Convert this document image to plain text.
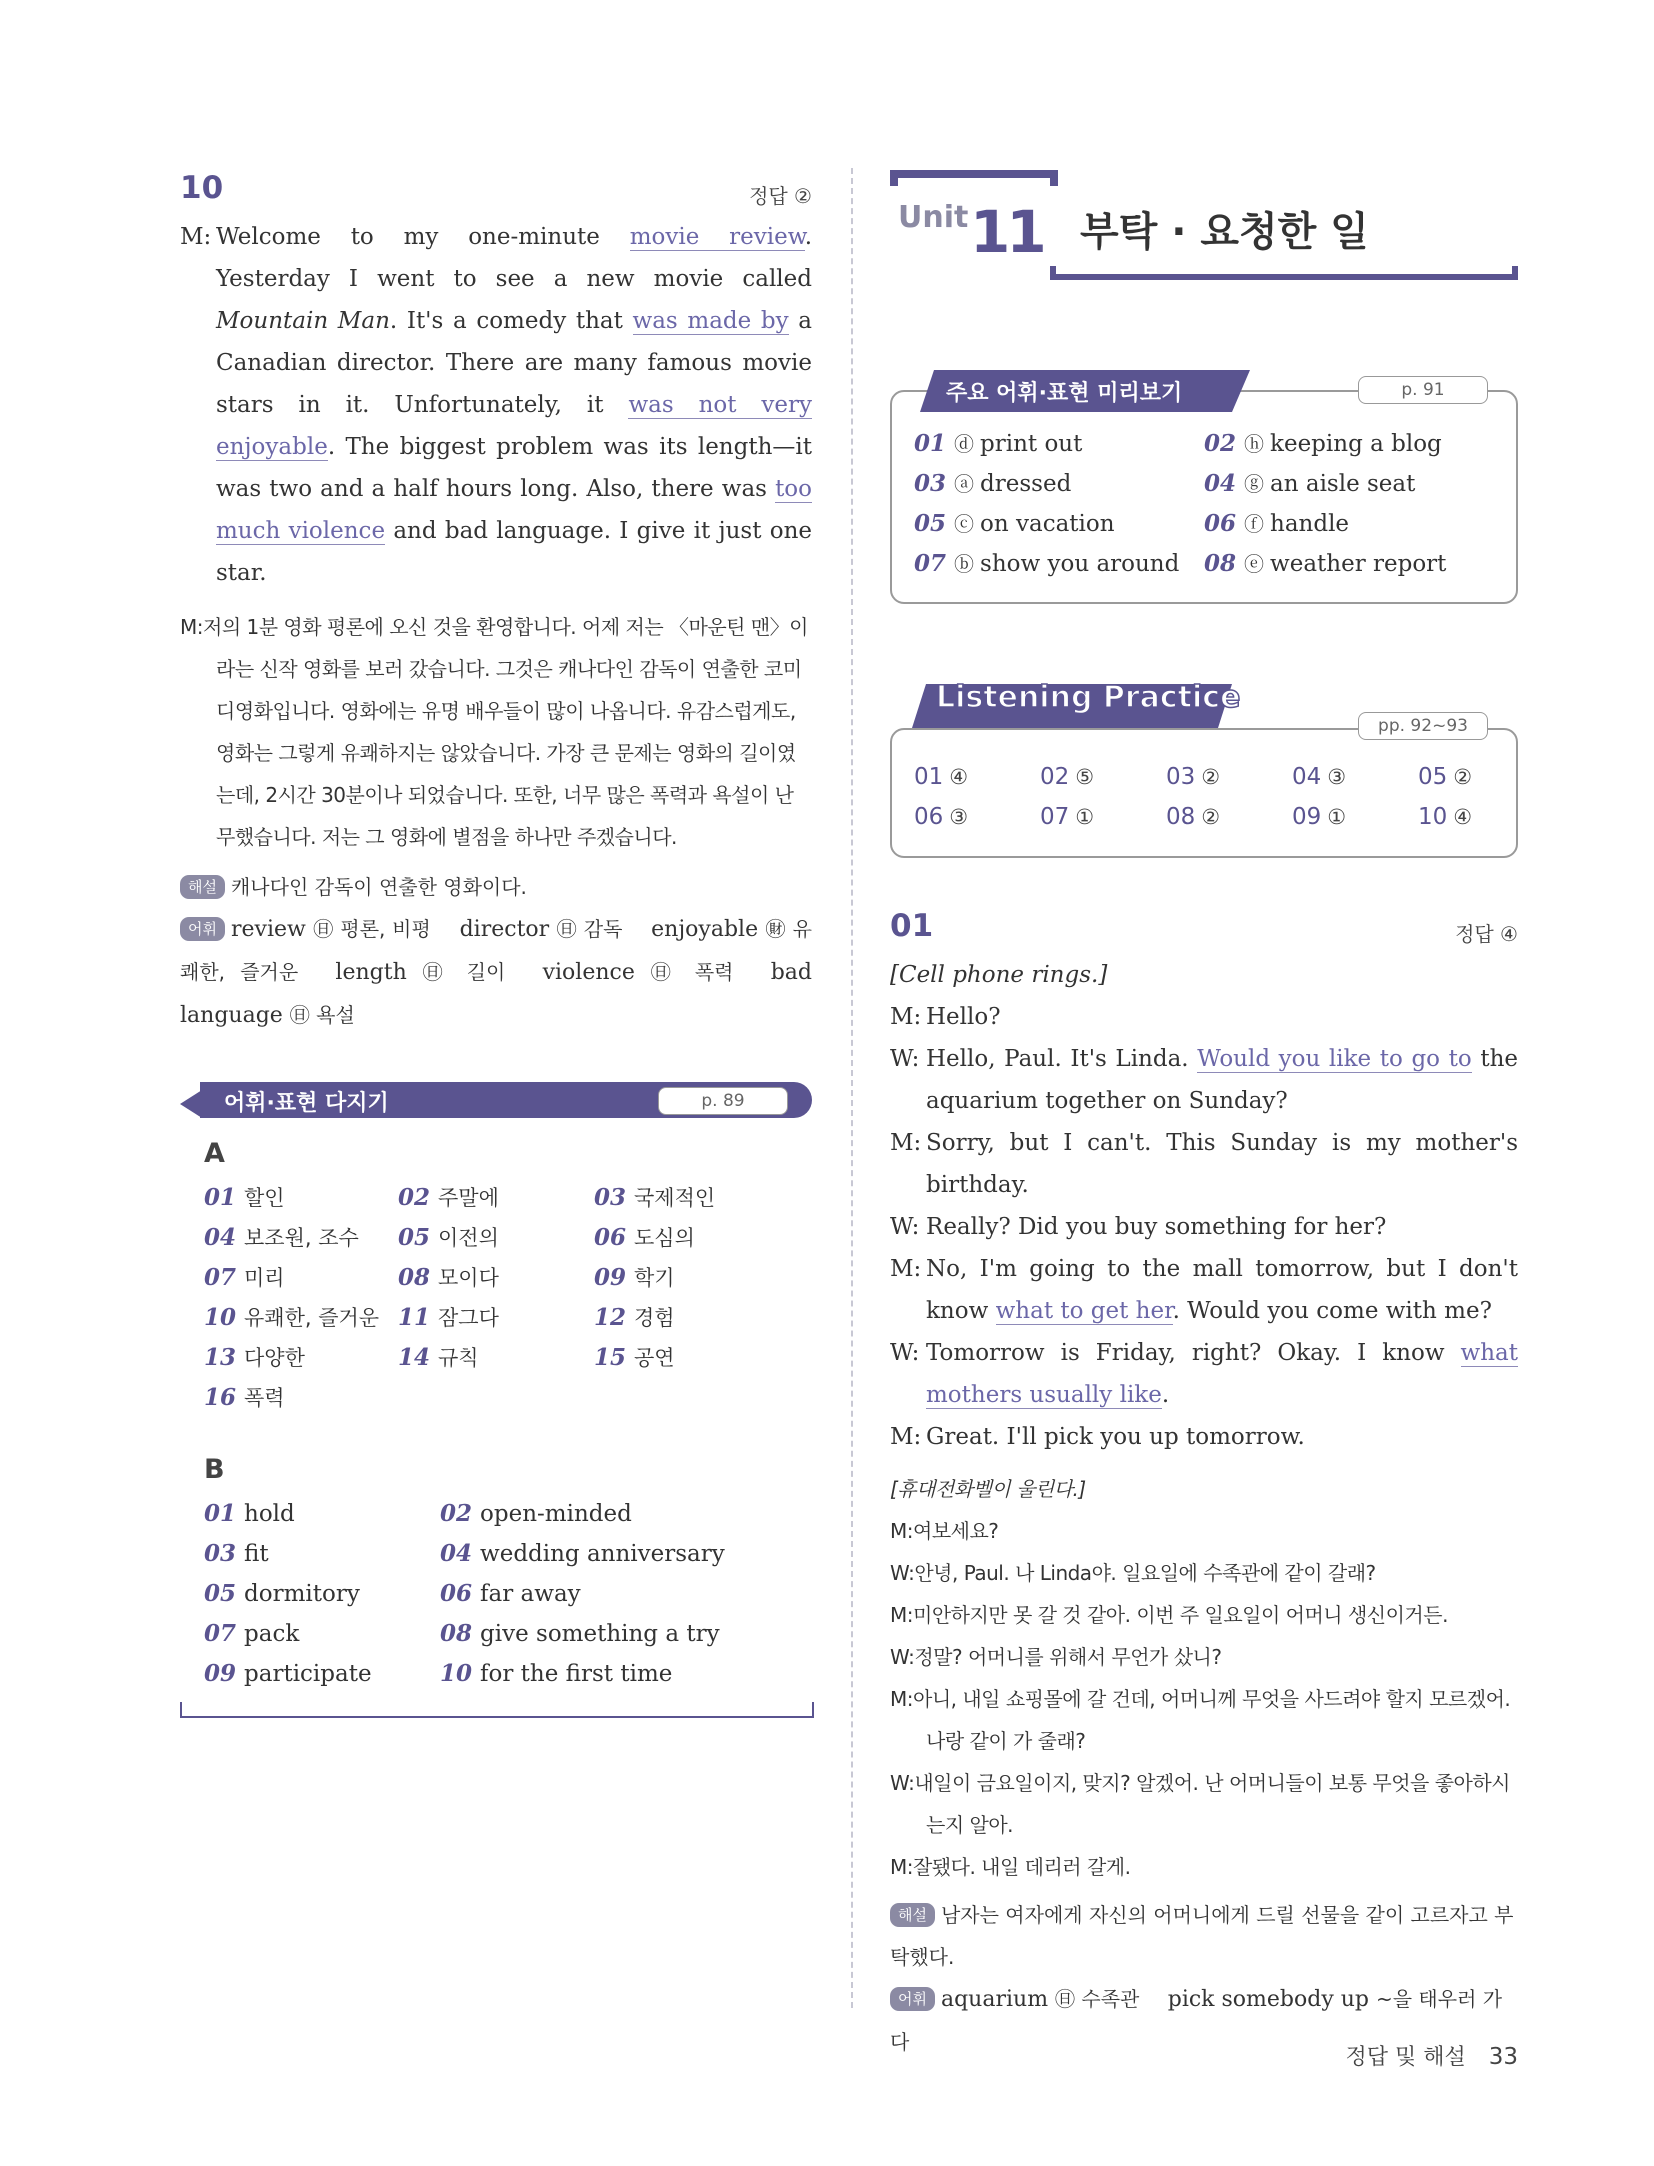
10	정답 ②
M: Welcome to my one-minute movie review. Yesterday I went to see a new movie called Mountain Man. It's a comedy that was made by a Canadian director. There are many famous movie stars in it. Unfortunately, it was not very enjoyable. The biggest problem was its length—it was two and a half hours long. Also, there was too much violence and bad language. I give it just one star.
M:저의 1분 영화 평론에 오신 것을 환영합니다. 어제 저는 〈마운틴 맨〉이라는 신작 영화를 보러 갔습니다. 그것은 캐나다인 감독이 연출한 코미디영화입니다. 영화에는 유명 배우들이 많이 나옵니다. 유감스럽게도, 영화는 그렇게 유쾌하지는 않았습니다. 가장 큰 문제는 영화의 길이였는데, 2시간 30분이나 되었습니다. 또한, 너무 많은 폭력과 욕설이 난무했습니다. 저는 그 영화에 별점을 하나만 주겠습니다.
해설 캐나다인 감독이 연출한 영화이다.
어휘 review ㊐ 평론, 비평 director ㊐ 감독 enjoyable ㊖ 유쾌한, 즐거운 length ㊐ 길이 violence ㊐ 폭력 bad language ㊐ 욕설
어휘·표현 다지기	p. 89
A
01 할인	02 주말에	03 국제적인
04 보조원, 조수 05 이전의	06 도심의
07 미리	08 모이다	09 학기
10 유쾌한, 즐거운 11 잠그다	12 경험
13 다양한	14 규칙	15 공연
16 폭력
B
01 hold	02 open-minded
03 fit	04 wedding anniversary
05 dormitory	06 far away
07 pack	08 give something a try
09 participate	10 for the first time
Unit 11 부탁 · 요청한 일
01 ⓓ print out	02 ⓗ keeping a blog
03 ⓐ dressed	04 ⓖ an aisle seat
05 ⓒ on vacation	06 ⓕ handle
07 ⓑ show you around 08 ⓔ weather report
주요 어휘·표현 미리보기	p. 91
01 ④	02 ⑤	03 ②	04 ③	05 ②
06 ③	07 ①	08 ②	09 ①	10 ④
Listening Practice
pp. 92~93
01	정답 ④
[Cell phone rings.]
M: Hello?
W: Hello, Paul. It's Linda. Would you like to go to the aquarium together on Sunday?
M: Sorry, but I can't. This Sunday is my mother's birthday.
W: Really? Did you buy something for her?
M: No, I'm going to the mall tomorrow, but I don't know what to get her. Would you come with me?
W: Tomorrow is Friday, right? Okay. I know what mothers usually like.
M: Great. I'll pick you up tomorrow.
[휴대전화벨이 울린다.]
M:여보세요?
W:안녕, Paul. 나 Linda야. 일요일에 수족관에 같이 갈래?
M:미안하지만 못 갈 것 같아. 이번 주 일요일이 어머니 생신이거든.
W:정말? 어머니를 위해서 무언가 샀니?
M:아니, 내일 쇼핑몰에 갈 건데, 어머니께 무엇을 사드려야 할지 모르겠어. 나랑 같이 가 줄래?
W:내일이 금요일이지, 맞지? 알겠어. 난 어머니들이 보통 무엇을 좋아하시는지 알아.
M:잘됐다. 내일 데리러 갈게.
해설 남자는 여자에게 자신의 어머니에게 드릴 선물을 같이 고르자고 부탁했다.
어휘 aquarium ㊐ 수족관 pick somebody up ~을 태우러 가다
정답 및 해설 33
